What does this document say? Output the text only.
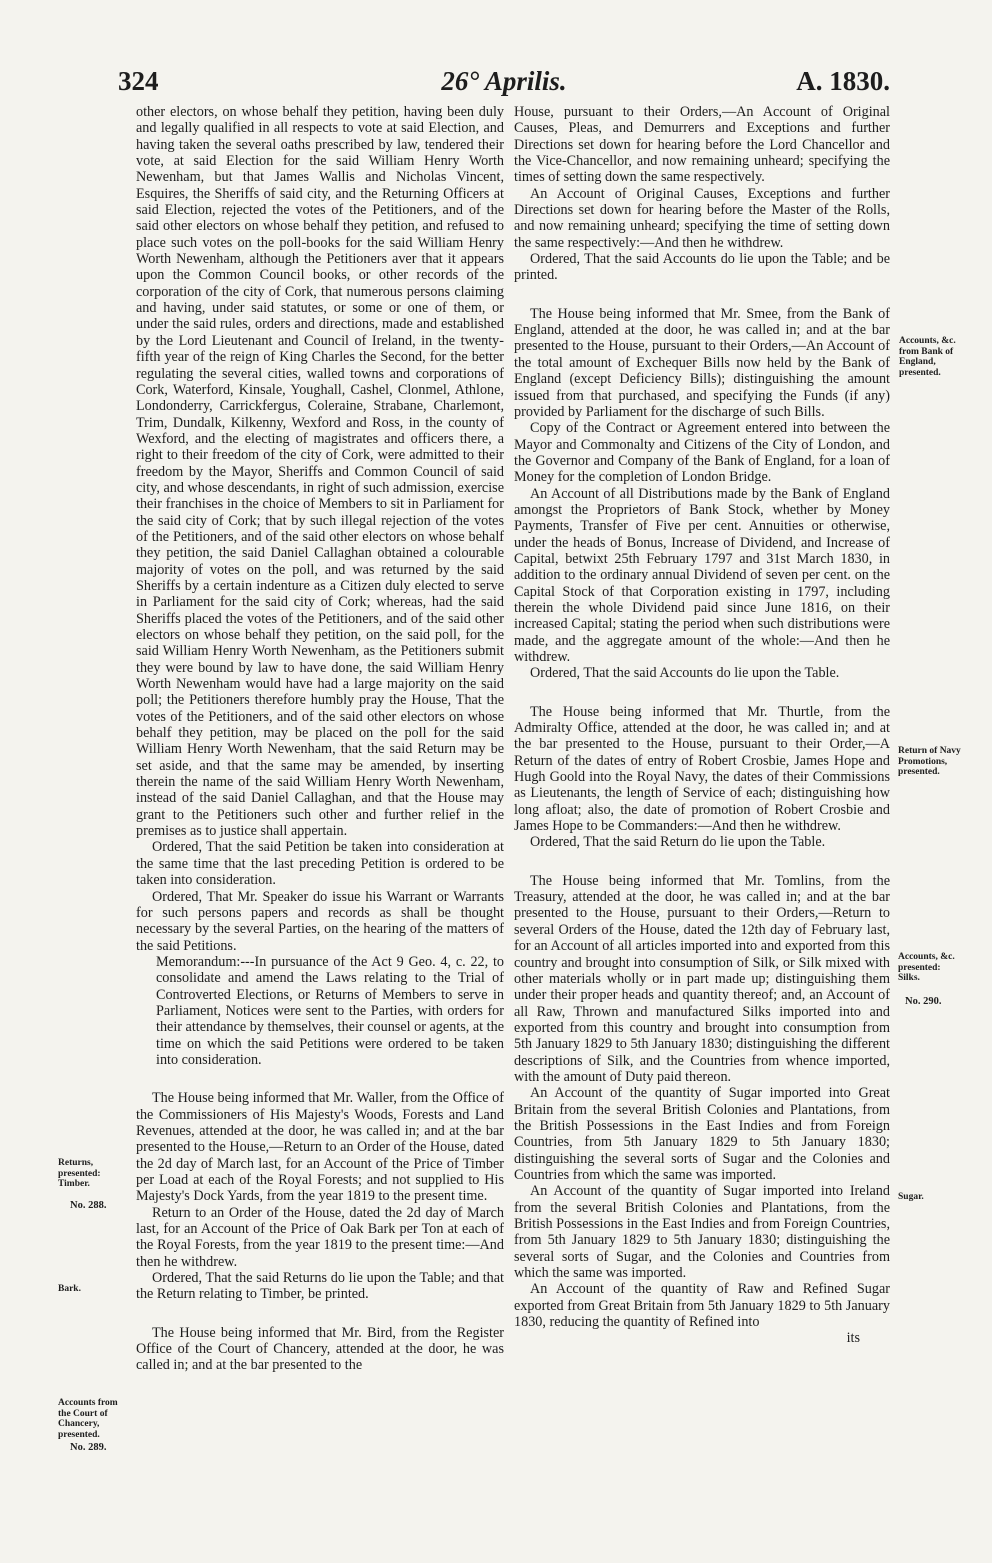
324	26° Aprilis.	A. 1830.

other electors, on whose behalf they petition, having been duly and legally qualified in all respects to vote at said Election, and having taken the several oaths prescribed by law, tendered their vote, at said Election for the said William Henry Worth Newenham, but that James Wallis and Nicholas Vincent, Esquires, the Sheriffs of said city, and the Returning Officers at said Election, rejected the votes of the Petitioners, and of the said other electors on whose behalf they petition, and refused to place such votes on the poll-books for the said William Henry Worth Newenham, although the Petitioners aver that it appears upon the Common Council books, or other records of the corporation of the city of Cork, that numerous persons claiming and having, under said statutes, or some or one of them, or under the said rules, orders and directions, made and established by the Lord Lieutenant and Council of Ireland, in the twenty-fifth year of the reign of King Charles the Second, for the better regulating the several cities, walled towns and corporations of Cork, Waterford, Kinsale, Youghall, Cashel, Clonmel, Athlone, Londonderry, Carrickfergus, Coleraine, Strabane, Charlemont, Trim, Dundalk, Kilkenny, Wexford and Ross, in the county of Wexford, and the electing of magistrates and officers there, a right to their freedom of the city of Cork, were admitted to their freedom by the Mayor, Sheriffs and Common Council of said city, and whose descendants, in right of such admission, exercise their franchises in the choice of Members to sit in Parliament for the said city of Cork; that by such illegal rejection of the votes of the Petitioners, and of the said other electors on whose behalf they petition, the said Daniel Callaghan obtained a colourable majority of votes on the poll, and was returned by the said Sheriffs by a certain indenture as a Citizen duly elected to serve in Parliament for the said city of Cork; whereas, had the said Sheriffs placed the votes of the Petitioners, and of the said other electors on whose behalf they petition, on the said poll, for the said William Henry Worth Newenham, as the Petitioners submit they were bound by law to have done, the said William Henry Worth Newenham would have had a large majority on the said poll; the Petitioners therefore humbly pray the House, That the votes of the Petitioners, and of the said other electors on whose behalf they petition, may be placed on the poll for the said William Henry Worth Newenham, that the said Return may be set aside, and that the same may be amended, by inserting therein the name of the said William Henry Worth Newenham, instead of the said Daniel Callaghan, and that the House may grant to the Petitioners such other and further relief in the premises as to justice shall appertain.

Ordered, That the said Petition be taken into consideration at the same time that the last preceding Petition is ordered to be taken into consideration.

Ordered, That Mr. Speaker do issue his Warrant or Warrants for such persons papers and records as shall be thought necessary by the several Parties, on the hearing of the matters of the said Petitions.

Memorandum:---In pursuance of the Act 9 Geo. 4, c. 22, to consolidate and amend the Laws relating to the Trial of Controverted Elections, or Returns of Members to serve in Parliament, Notices were sent to the Parties, with orders for their attendance by themselves, their counsel or agents, at the time on which the said Petitions were ordered to be taken into consideration.

The House being informed that Mr. Waller, from the Office of the Commissioners of His Majesty's Woods, Forests and Land Revenues, attended at the door, he was called in; and at the bar presented to the House,—Return to an Order of the House, dated the 2d day of March last, for an Account of the Price of Timber per Load at each of the Royal Forests; and not supplied to His Majesty's Dock Yards, from the year 1819 to the present time.

Return to an Order of the House, dated the 2d day of March last, for an Account of the Price of Oak Bark per Ton at each of the Royal Forests, from the year 1819 to the present time:—And then he withdrew.

Ordered, That the said Returns do lie upon the Table; and that the Return relating to Timber, be printed.

The House being informed that Mr. Bird, from the Register Office of the Court of Chancery, attended at the door, he was called in; and at the bar presented to the

House, pursuant to their Orders,—An Account of Original Causes, Pleas, and Demurrers and Exceptions and further Directions set down for hearing before the Lord Chancellor and the Vice-Chancellor, and now remaining unheard; specifying the times of setting down the same respectively.

An Account of Original Causes, Exceptions and further Directions set down for hearing before the Master of the Rolls, and now remaining unheard; specifying the time of setting down the same respectively:—And then he withdrew.

Ordered, That the said Accounts do lie upon the Table; and be printed.

The House being informed that Mr. Smee, from the Bank of England, attended at the door, he was called in; and at the bar presented to the House, pursuant to their Orders,—An Account of the total amount of Exchequer Bills now held by the Bank of England (except Deficiency Bills); distinguishing the amount issued from that purchased, and specifying the Funds (if any) provided by Parliament for the discharge of such Bills.

Copy of the Contract or Agreement entered into between the Mayor and Commonalty and Citizens of the City of London, and the Governor and Company of the Bank of England, for a loan of Money for the completion of London Bridge.

An Account of all Distributions made by the Bank of England amongst the Proprietors of Bank Stock, whether by Money Payments, Transfer of Five per cent. Annuities or otherwise, under the heads of Bonus, Increase of Dividend, and Increase of Capital, betwixt 25th February 1797 and 31st March 1830, in addition to the ordinary annual Dividend of seven per cent. on the Capital Stock of that Corporation existing in 1797, including therein the whole Dividend paid since June 1816, on their increased Capital; stating the period when such distributions were made, and the aggregate amount of the whole:—And then he withdrew.

Ordered, That the said Accounts do lie upon the Table.

The House being informed that Mr. Thurtle, from the Admiralty Office, attended at the door, he was called in; and at the bar presented to the House, pursuant to their Order,—A Return of the dates of entry of Robert Crosbie, James Hope and Hugh Goold into the Royal Navy, the dates of their Commissions as Lieutenants, the length of Service of each; distinguishing how long afloat; also, the date of promotion of Robert Crosbie and James Hope to be Commanders:—And then he withdrew.

Ordered, That the said Return do lie upon the Table.

The House being informed that Mr. Tomlins, from the Treasury, attended at the door, he was called in; and at the bar presented to the House, pursuant to their Orders,—Return to several Orders of the House, dated the 12th day of February last, for an Account of all articles imported into and exported from this country and brought into consumption of Silk, or Silk mixed with other materials wholly or in part made up; distinguishing them under their proper heads and quantity thereof; and, an Account of all Raw, Thrown and manufactured Silks imported into and exported from this country and brought into consumption from 5th January 1829 to 5th January 1830; distinguishing the different descriptions of Silk, and the Countries from whence imported, with the amount of Duty paid thereon.

An Account of the quantity of Sugar imported into Great Britain from the several British Colonies and Plantations, from the British Possessions in the East Indies and from Foreign Countries, from 5th January 1829 to 5th January 1830; distinguishing the several sorts of Sugar and the Colonies and Countries from which the same was imported.

An Account of the quantity of Sugar imported into Ireland from the several British Colonies and Plantations, from the British Possessions in the East Indies and from Foreign Countries, from 5th January 1829 to 5th January 1830; distinguishing the several sorts of Sugar, and the Colonies and Countries from which the same was imported.

An Account of the quantity of Raw and Refined Sugar exported from Great Britain from 5th January 1829 to 5th January 1830, reducing the quantity of Refined into

its
Returns, presented: Timber.
No. 288.
Bark.
Accounts from the Court of Chancery, presented.
No. 289.
Accounts, &c. from Bank of England, presented.
Return of Navy Promotions, presented.
Accounts, &c. presented: Silks.
No. 290.
Sugar.
